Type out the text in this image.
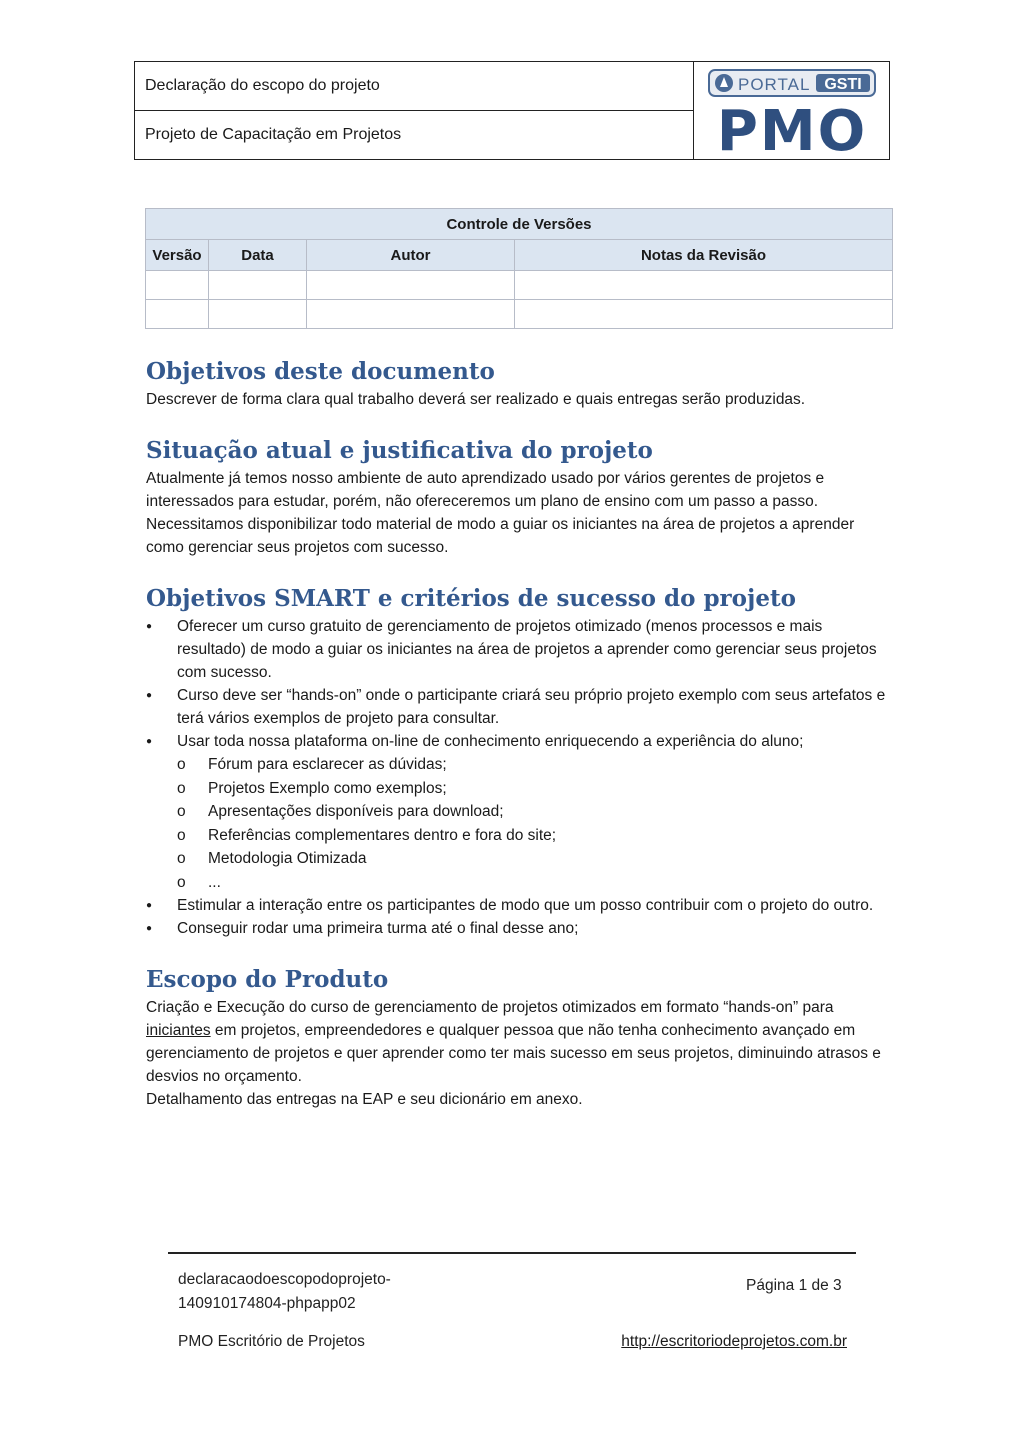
Declaração do escopo do projeto
Projeto de Capacitação em Projetos
PORTAL GSTI
PMO
Controle de Versões			
Versão	Data	Autor	Notas da Revisão

Objetivos deste documento

Descrever de forma clara qual trabalho deverá ser realizado e quais entregas serão produzidas.

Situação atual e justificativa do projeto

Atualmente já temos nosso ambiente de auto aprendizado usado por vários gerentes de projetos e interessados para estudar, porém, não ofereceremos um plano de ensino com um passo a passo.

Necessitamos disponibilizar todo material de modo a guiar os iniciantes na área de projetos a aprender como gerenciar seus projetos com sucesso.

Objetivos SMART e critérios de sucesso do projeto
● Oferecer um curso gratuito de gerenciamento de projetos otimizado (menos processos e mais resultado) de modo a guiar os iniciantes na área de projetos a aprender como gerenciar seus projetos com sucesso.
● Curso deve ser “hands-on” onde o participante criará seu próprio projeto exemplo com seus artefatos e terá vários exemplos de projeto para consultar.
● Usar toda nossa plataforma on-line de conhecimento enriquecendo a experiência do aluno;
o Fórum para esclarecer as dúvidas;
o Projetos Exemplo como exemplos;
o Apresentações disponíveis para download;
o Referências complementares dentro e fora do site;
o Metodologia Otimizada
o ...
● Estimular a interação entre os participantes de modo que um posso contribuir com o projeto do outro.
● Conseguir rodar uma primeira turma até o final desse ano;
Escopo do Produto

Criação e Execução do curso de gerenciamento de projetos otimizados em formato “hands-on” para iniciantes em projetos, empreendedores e qualquer pessoa que não tenha conhecimento avançado em gerenciamento de projetos e quer aprender como ter mais sucesso em seus projetos, diminuindo atrasos e desvios no orçamento.

Detalhamento das entregas na EAP e seu dicionário em anexo.

declaracaodoescopodoprojeto-
140910174804-phpapp02
Página 1 de 3
PMO Escritório de Projetos	http://escritoriodeprojetos.com.br
